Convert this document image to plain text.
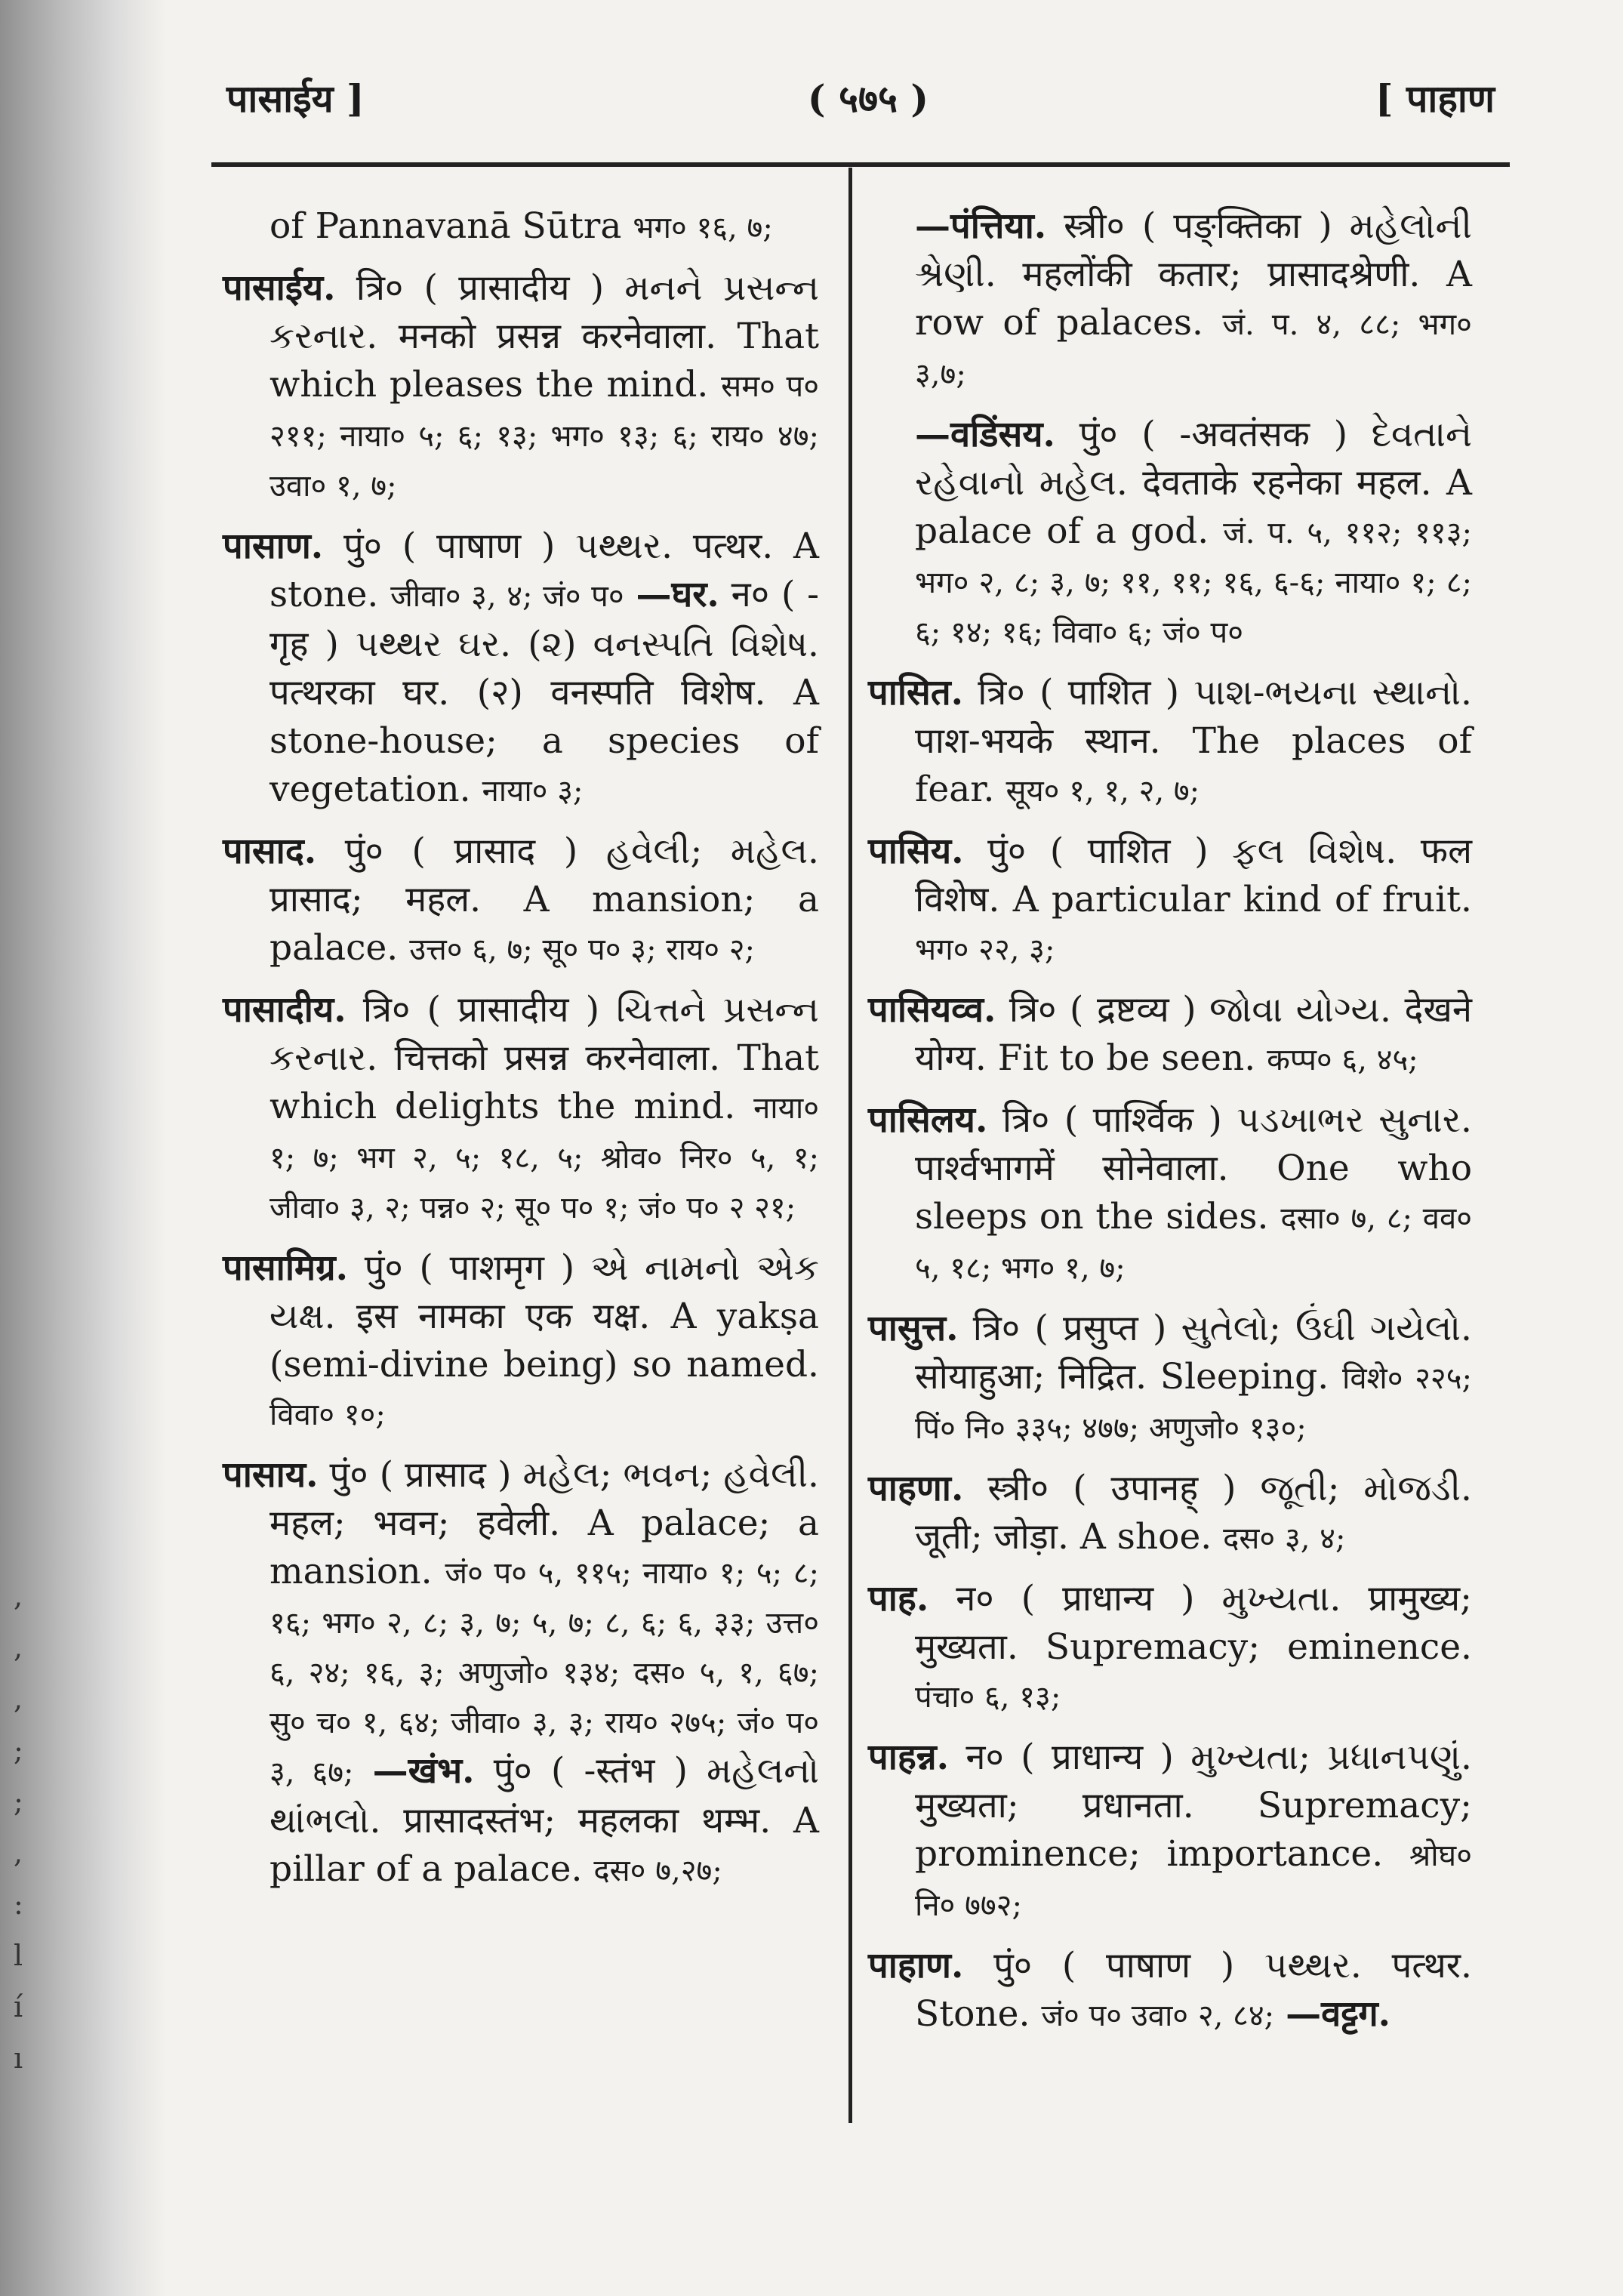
, , , ; ; , : l í ı
पासाईय ]	( ५७५ )	[ पाहाण

of Pannavanā Sūtra भग० १६, ७;

पासाईय. त्रि० ( प्रासादीय ) મનને પ્રસન્ન કરનાર. मनको प्रसन्न करनेवाला. That which pleases the mind. सम० प० २११; नाया० ५; ६; १३; भग० १३; ६; राय० ४७; उवा० १, ७;

पासाण. पुं० ( पाषाण ) પથ્થર. पत्थर. A stone. जीवा० ३, ४; जं० प० —घर. न० ( -गृह ) પથ્થર ઘર. (૨) વનસ્પતિ વિશેષ. पत्थरका घर. (२) वनस्पति विशेष. A stone-house; a species of vegetation. नाया० ३;

पासाद. पुं० ( प्रासाद ) હવેલી; મહેલ. प्रासाद; महल. A mansion; a palace. उत्त० ६, ७; सू० प० ३; राय० २;

पासादीय. त्रि० ( प्रासादीय ) ચિત્તને પ્રસન્ન કરનાર. चित्तको प्रसन्न करनेवाला. That which delights the mind. नाया० १; ७; भग २, ५; १८, ५; श्रोव० निर० ५, १; जीवा० ३, २; पन्न० २; सू० प० १; जं० प० २ २१;

पासामिग्र. पुं० ( पाशमृग ) એ નામનો એક યક્ષ. इस नामका एक यक्ष. A yakṣa (semi-divine being) so named. विवा० १०;

पासाय. पुं० ( प्रासाद ) મહેલ; ભવન; હવેલી. महल; भवन; हवेली. A palace; a mansion. जं० प० ५, ११५; नाया० १; ५; ८; १६; भग० २, ८; ३, ७; ५, ७; ८, ६; ६, ३३; उत्त० ६, २४; १६, ३; अणुजो० १३४; दस० ५, १, ६७; सु० च० १, ६४; जीवा० ३, ३; राय० २७५; जं० प० ३, ६७; —खंभ. पुं० ( -स्तंभ ) મહેલનો થાંભલો. प्रासादस्तंभ; महलका थम्भ. A pillar of a palace. दस० ७,२७;

—पंत्तिया. स्त्री० ( पङ्क्तिका ) મહેલોની શ્રેણી. महलोंकी कतार; प्रासादश्रेणी. A row of palaces. जं. प. ४, ८८; भग० ३,७;

—वडिंसय. पुं० ( -अवतंसक ) દેવતાને રહેવાનો મહેલ. देवताके रहनेका महल. A palace of a god. जं. प. ५, ११२; ११३; भग० २, ८; ३, ७; ११, ११; १६, ६-६; नाया० १; ८; ६; १४; १६; विवा० ६; जं० प०

पासित. त्रि० ( पाशित ) પાશ-ભયના સ્થાનો. पाश-भयके स्थान. The places of fear. सूय० १, १, २, ७;

पासिय. पुं० ( पाशित ) ફલ વિશેષ. फल विशेष. A particular kind of fruit. भग० २२, ३;

पासियव्व. त्रि० ( द्रष्टव्य ) જોવા યોગ્ય. देखने योग्य. Fit to be seen. कप्प० ६, ४५;

पासिलय. त्रि० ( पार्श्विक ) પડખાભર સુનાર. पार्श्वभागमें सोनेवाला. One who sleeps on the sides. दसा० ७, ८; वव० ५, १८; भग० १, ७;

पासुत्त. त्रि० ( प्रसुप्त ) સુતેલો; ઉંઘી ગયેલો. सोयाहुआ; निद्रित. Sleeping. विशे० २२५; पिं० नि० ३३५; ४७७; अणुजो० १३०;

पाहणा. स्त्री० ( उपानह् ) જૂતી; મોજડી. जूती; जोड़ा. A shoe. दस० ३, ४;

पाह. न० ( प्राधान्य ) મુખ્યતા. प्रामुख्य; मुख्यता. Supremacy; eminence. पंचा० ६, १३;

पाहन्न. न० ( प्राधान्य ) મુખ્યતા; પ્રધાનપણું. मुख्यता; प्रधानता. Supremacy; prominence; importance. श्रोघ० नि० ७७२;

पाहाण. पुं० ( पाषाण ) પથ્થર. पत्थर. Stone. जं० प० उवा० २, ८४; —वट्टग.
